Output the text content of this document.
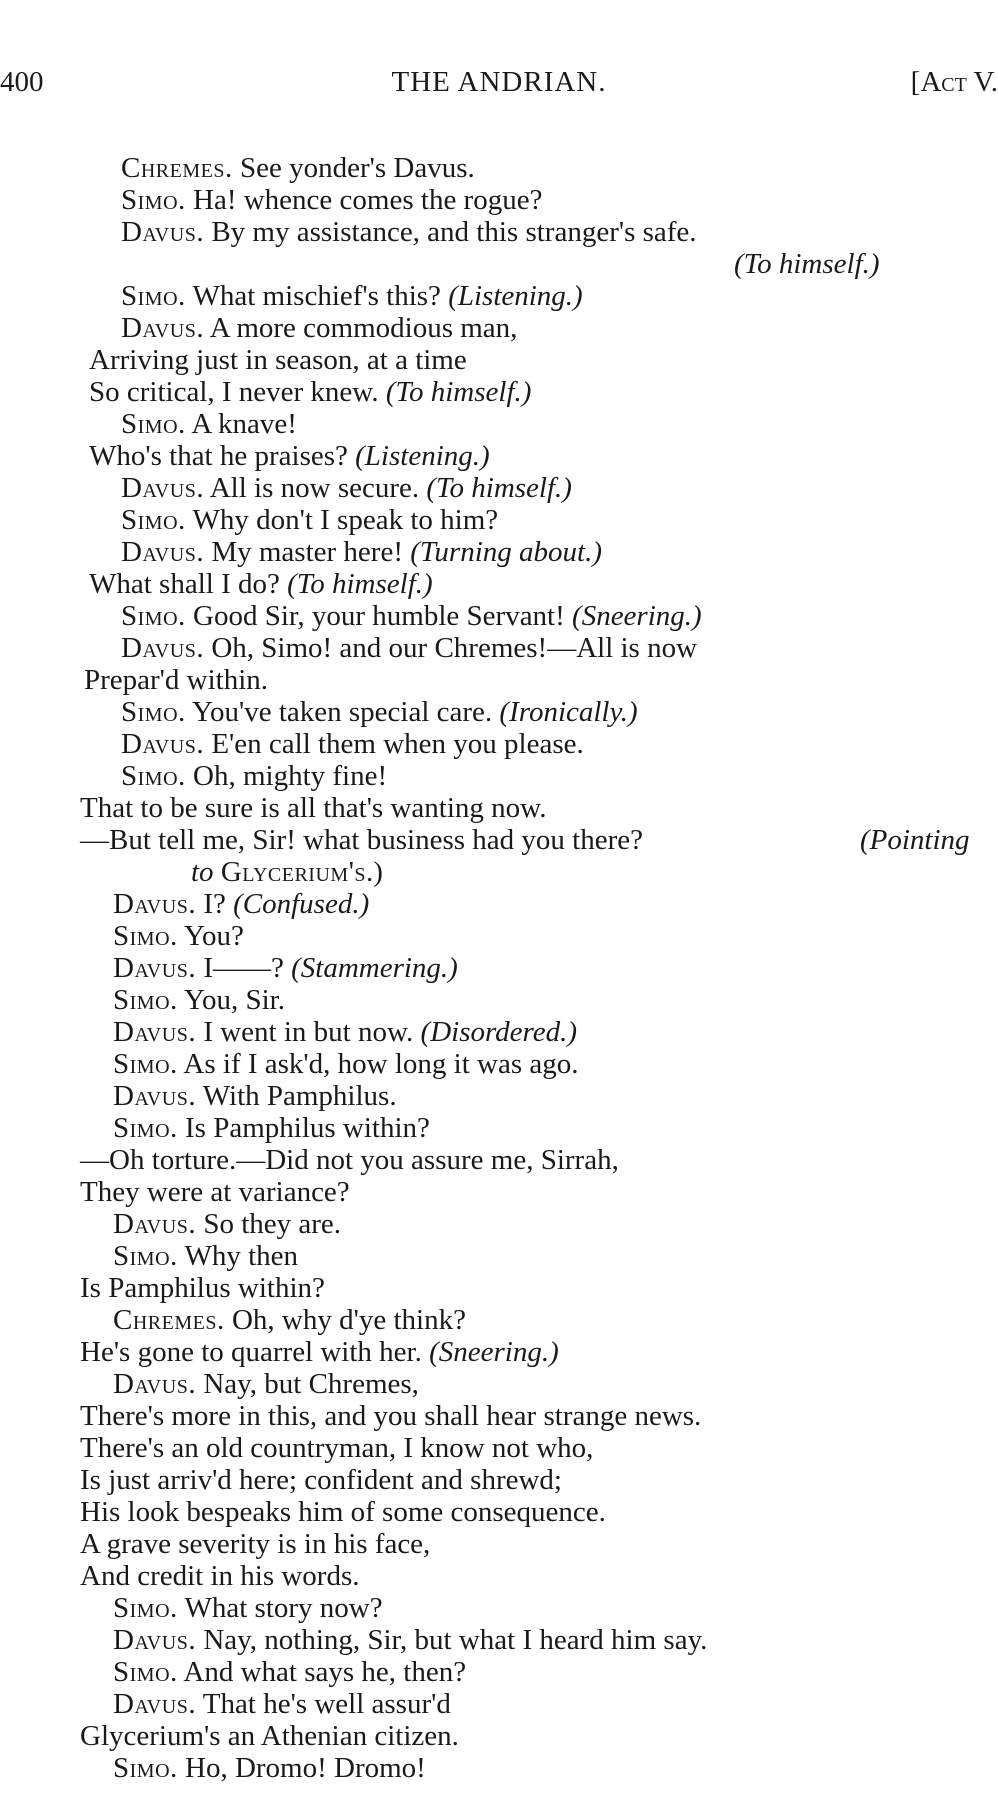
400	THE ANDRIAN.	[Act V.
Chremes. See yonder's Davus.
Simo. Ha! whence comes the rogue?
Davus. By my assistance, and this stranger's safe.
(To himself.)
Simo. What mischief's this? (Listening.)
Davus. A more commodious man,
Arriving just in season, at a time
So critical, I never knew. (To himself.)
Simo. A knave!
Who's that he praises? (Listening.)
Davus. All is now secure. (To himself.)
Simo. Why don't I speak to him?
Davus. My master here! (Turning about.)
What shall I do? (To himself.)
Simo. Good Sir, your humble Servant! (Sneering.)
Davus. Oh, Simo! and our Chremes!—All is now
Prepar'd within.
Simo. You've taken special care. (Ironically.)
Davus. E'en call them when you please.
Simo. Oh, mighty fine!
That to be sure is all that's wanting now.
—But tell me, Sir! what business had you there?	(Pointing
to Glycerium's.)
Davus. I? (Confused.)
Simo. You?
Davus. I——? (Stammering.)
Simo. You, Sir.
Davus. I went in but now. (Disordered.)
Simo. As if I ask'd, how long it was ago.
Davus. With Pamphilus.
Simo. Is Pamphilus within?
—Oh torture.—Did not you assure me, Sirrah,
They were at variance?
Davus. So they are.
Simo. Why then
Is Pamphilus within?
Chremes. Oh, why d'ye think?
He's gone to quarrel with her. (Sneering.)
Davus. Nay, but Chremes,
There's more in this, and you shall hear strange news.
There's an old countryman, I know not who,
Is just arriv'd here; confident and shrewd;
His look bespeaks him of some consequence.
A grave severity is in his face,
And credit in his words.
Simo. What story now?
Davus. Nay, nothing, Sir, but what I heard him say.
Simo. And what says he, then?
Davus. That he's well assur'd
Glycerium's an Athenian citizen.
Simo. Ho, Dromo! Dromo!
